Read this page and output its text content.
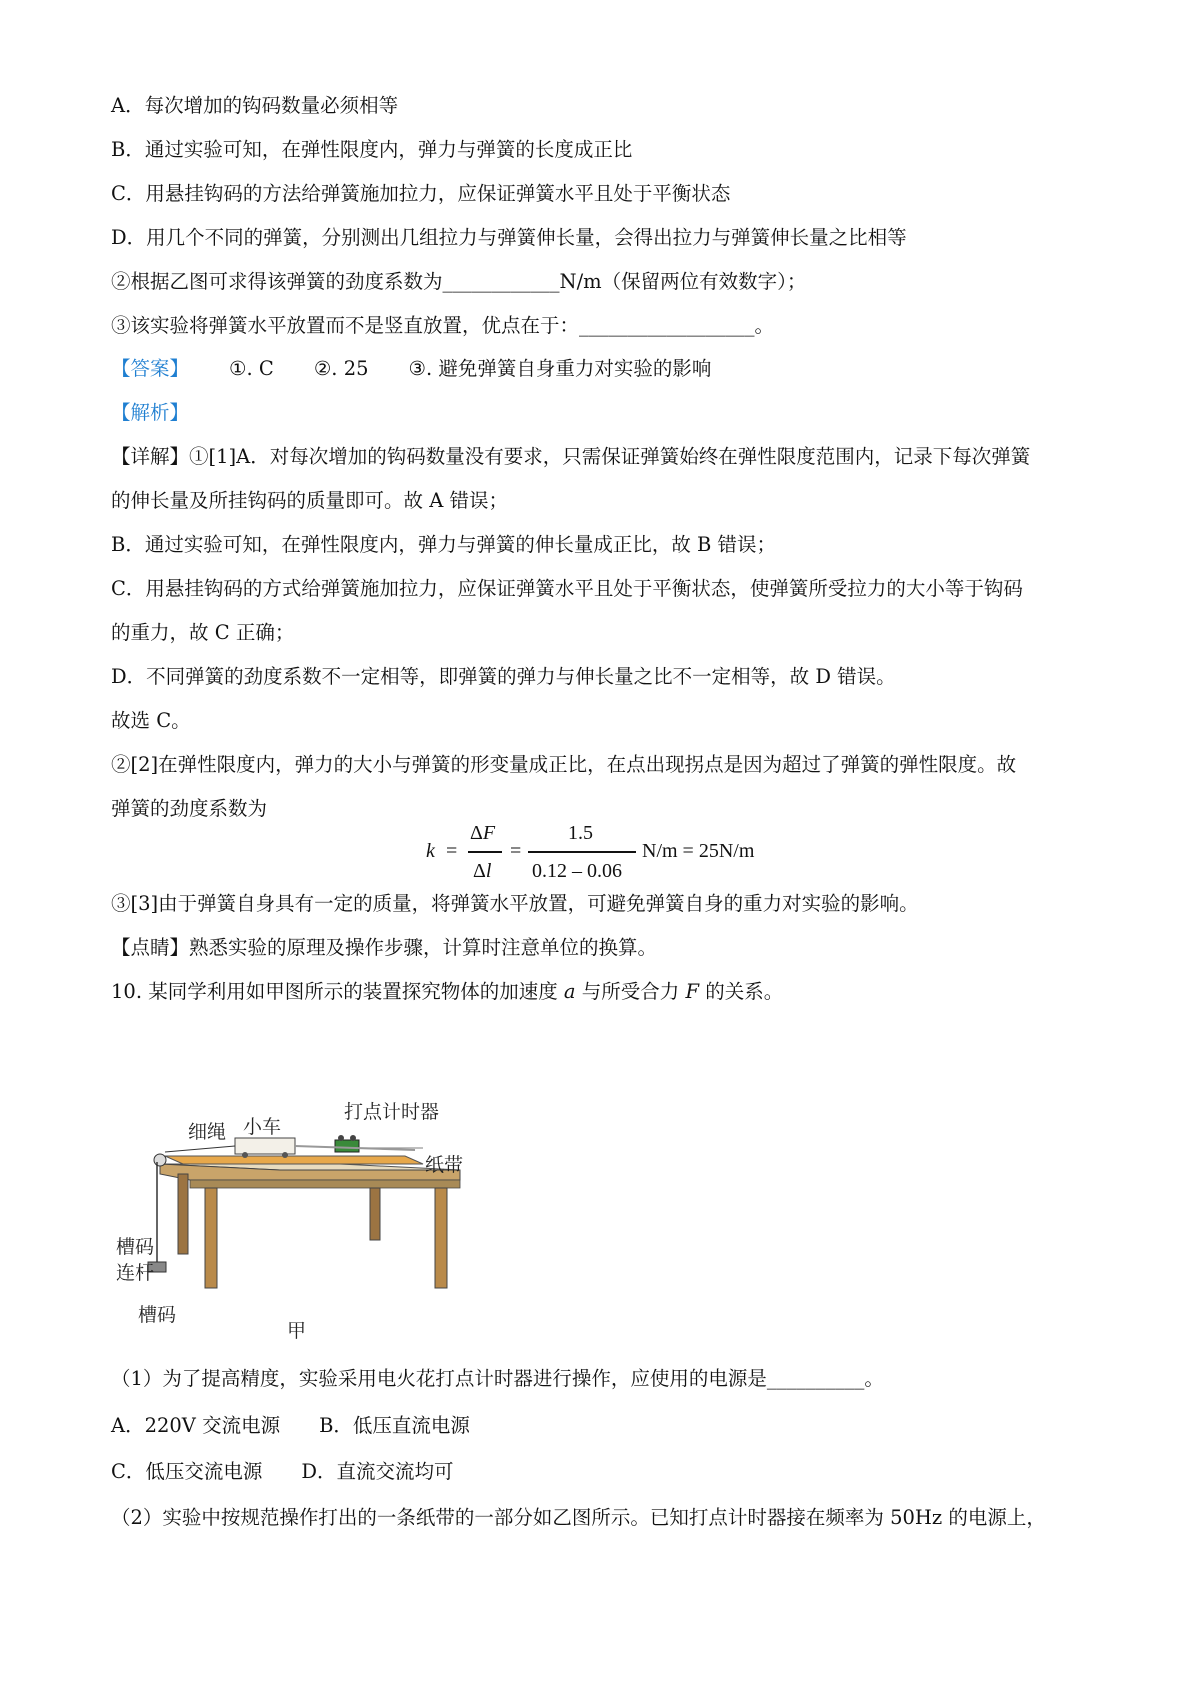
A．每次增加的钩码数量必须相等
B．通过实验可知，在弹性限度内，弹力与弹簧的长度成正比
C．用悬挂钩码的方法给弹簧施加拉力，应保证弹簧水平且处于平衡状态
D．用几个不同的弹簧，分别测出几组拉力与弹簧伸长量，会得出拉力与弹簧伸长量之比相等
②根据乙图可求得该弹簧的劲度系数为____________N/m（保留两位有效数字）；
③该实验将弹簧水平放置而不是竖直放置，优点在于：__________________。
【答案】 ①. C ②. 25 ③. 避免弹簧自身重力对实验的影响
【解析】
【详解】①[1]A．对每次增加的钩码数量没有要求，只需保证弹簧始终在弹性限度范围内，记录下每次弹簧
的伸长量及所挂钩码的质量即可。故 A 错误；
B．通过实验可知，在弹性限度内，弹力与弹簧的伸长量成正比，故 B 错误；
C．用悬挂钩码的方式给弹簧施加拉力，应保证弹簧水平且处于平衡状态，使弹簧所受拉力的大小等于钩码
的重力，故 C 正确；
D．不同弹簧的劲度系数不一定相等，即弹簧的弹力与伸长量之比不一定相等，故 D 错误。
故选 C。
②[2]在弹性限度内，弹力的大小与弹簧的形变量成正比，在点出现拐点是因为超过了弹簧的弹性限度。故
弹簧的劲度系数为
k =
ΔF
Δl
=
1.5
0.12 – 0.06
N/m = 25N/m
③[3]由于弹簧自身具有一定的质量，将弹簧水平放置，可避免弹簧自身的重力对实验的影响。
【点睛】熟悉实验的原理及操作步骤，计算时注意单位的换算。
10. 某同学利用如甲图所示的装置探究物体的加速度 a 与所受合力 F 的关系。
细绳 小车
打点计时器
纸带
槽码
连杆
槽码
甲
（1）为了提高精度，实验采用电火花打点计时器进行操作，应使用的电源是__________。
A．220V 交流电源　　B．低压直流电源
C．低压交流电源　　D．直流交流均可
（2）实验中按规范操作打出的一条纸带的一部分如乙图所示。已知打点计时器接在频率为 50Hz 的电源上，
